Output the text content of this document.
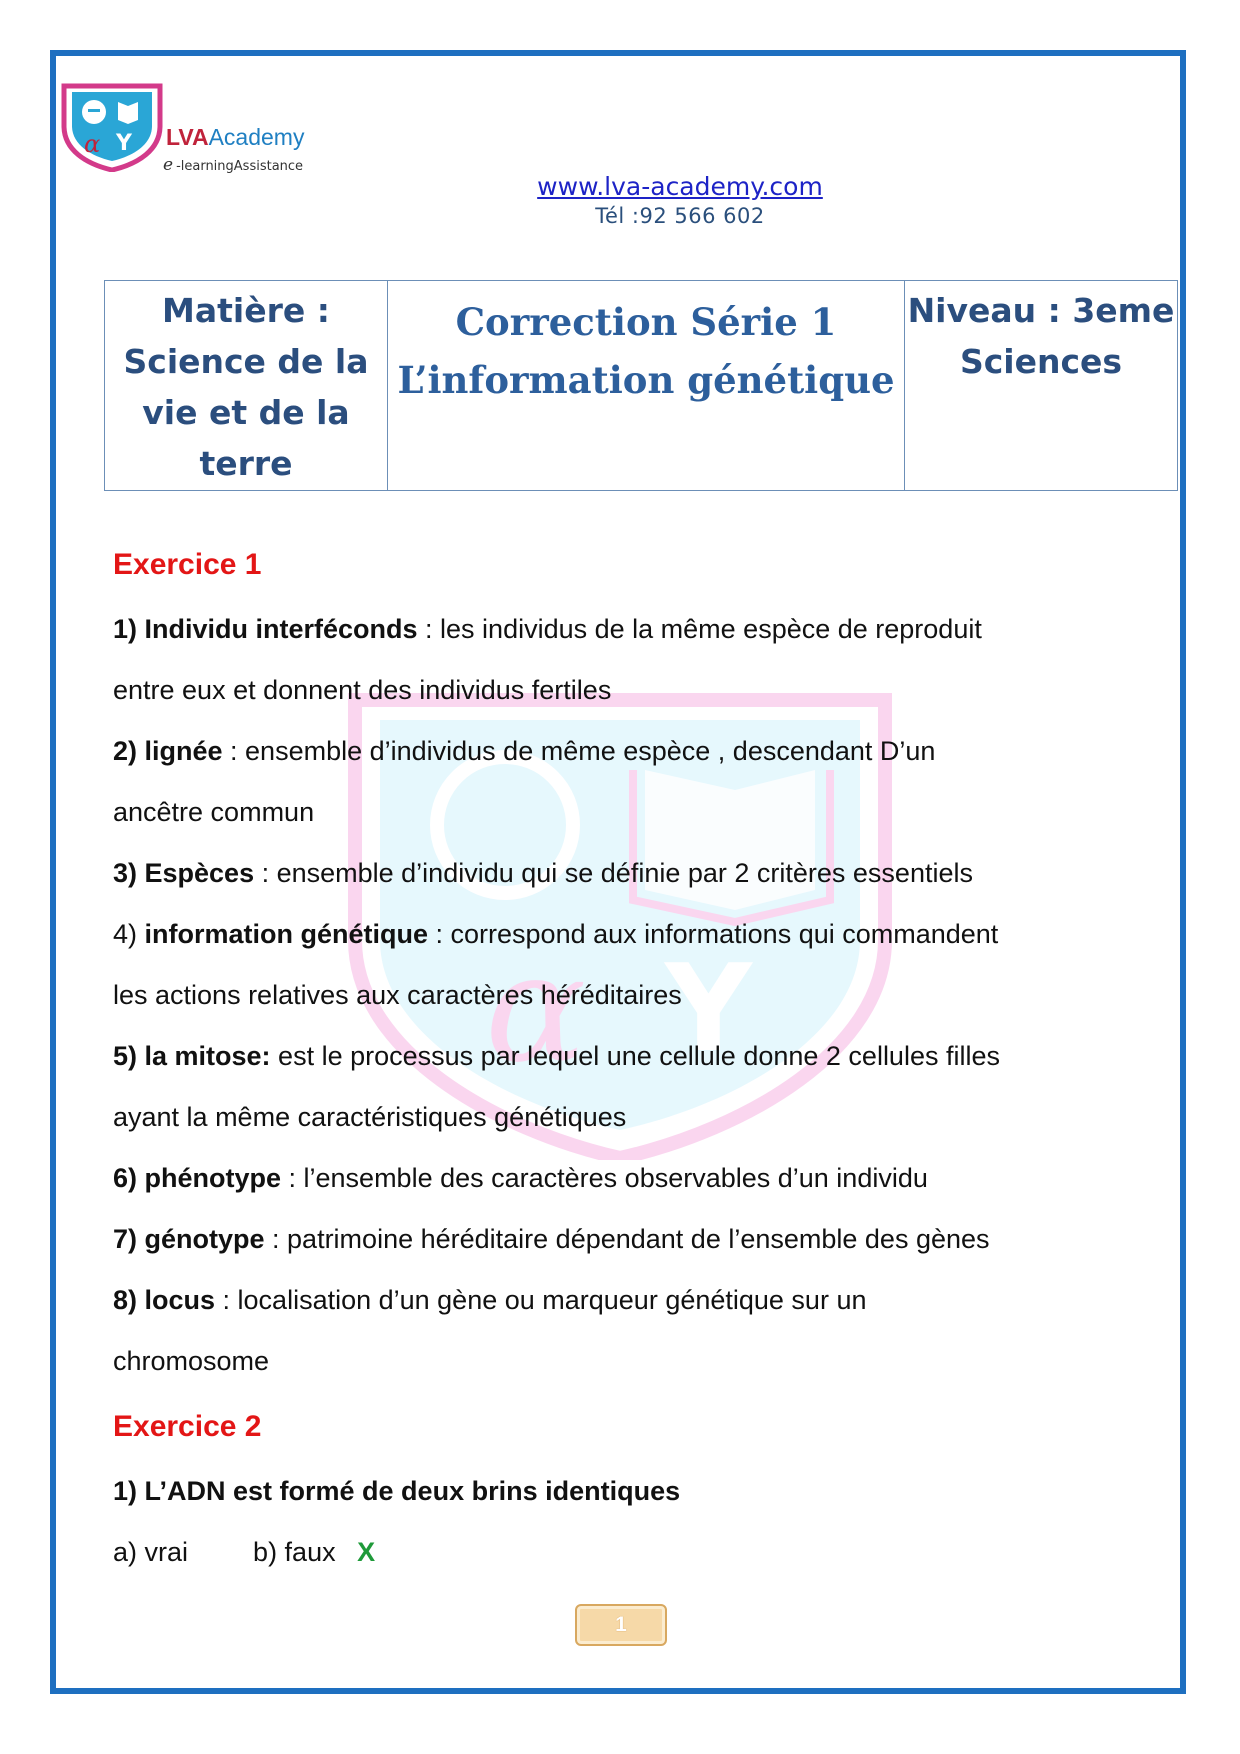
α Y LVAAcademy
e -learningAssistance
www.lva-academy.com
Tél :92 566 602
Matière :
Science de la
vie et de la
terre

Correction Série 1
L’information génétique

Niveau : 3eme
Sciences
α Y
Exercice 1
1) Individu interféconds : les individus de la même espèce de reproduit
entre eux et donnent des individus fertiles
2) lignée : ensemble d’individus de même espèce , descendant D’un
ancêtre commun
3) Espèces : ensemble d’individu qui se définie par 2 critères essentiels
4) information génétique : correspond aux informations qui commandent
les actions relatives aux caractères héréditaires
5) la mitose: est le processus par lequel une cellule donne 2 cellules filles
ayant la même caractéristiques génétiques
6) phénotype : l’ensemble des caractères observables d’un individu
7) génotype : patrimoine héréditaire dépendant de l’ensemble des gènes
8) locus : localisation d’un gène ou marqueur génétique sur un
chromosome
Exercice 2
1) L’ADN est formé de deux brins identiques
a) vrai b) faux X
1
